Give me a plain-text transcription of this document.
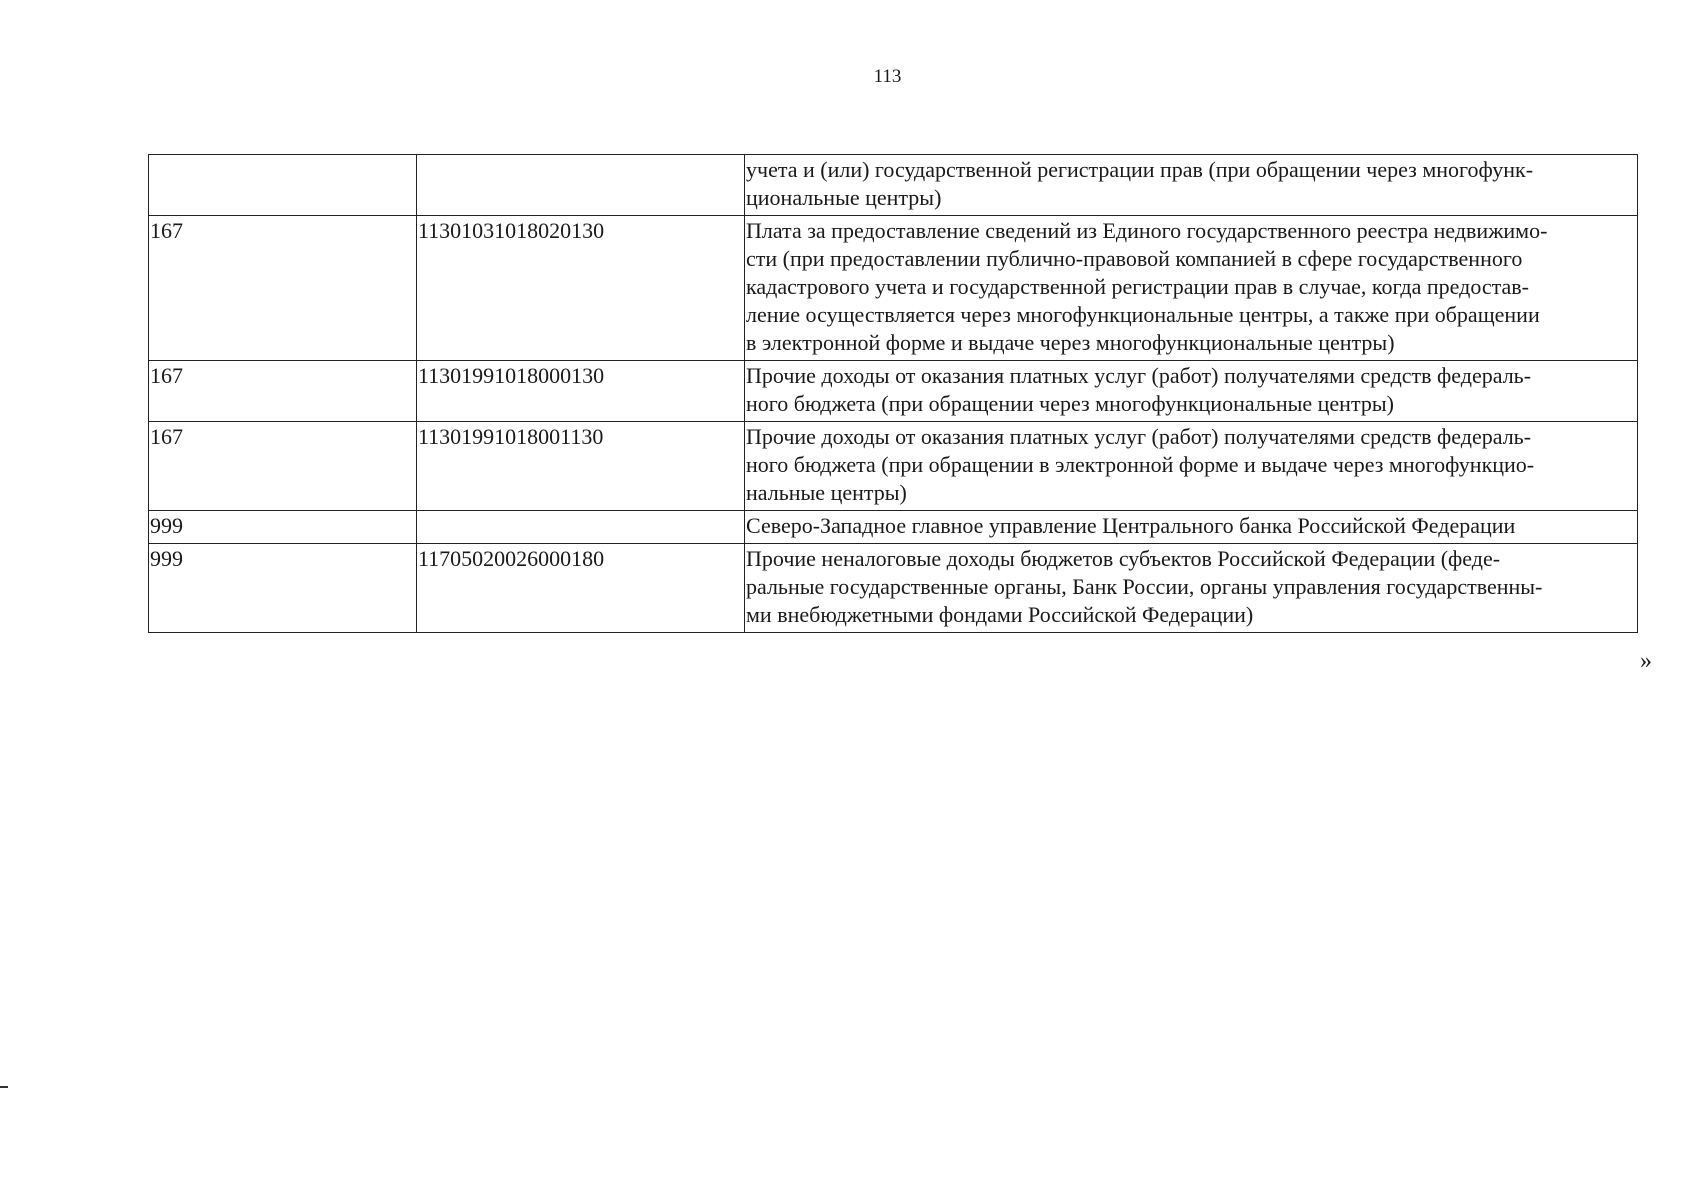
113
		учета и (или) государственной регистрации прав (при обращении через многофунк-
циональные центры)
167	11301031018020130	Плата за предоставление сведений из Единого государственного реестра недвижимо-
сти (при предоставлении публично-правовой компанией в сфере государственного
кадастрового учета и государственной регистрации прав в случае, когда предостав-
ление осуществляется через многофункциональные центры, а также при обращении
в электронной форме и выдаче через многофункциональные центры)
167	11301991018000130	Прочие доходы от оказания платных услуг (работ) получателями средств федераль-
ного бюджета (при обращении через многофункциональные центры)
167	11301991018001130	Прочие доходы от оказания платных услуг (работ) получателями средств федераль-
ного бюджета (при обращении в электронной форме и выдаче через многофункцио-
нальные центры)
999		Северо-Западное главное управление Центрального банка Российской Федерации
999	11705020026000180	Прочие неналоговые доходы бюджетов субъектов Российской Федерации (феде-
ральные государственные органы, Банк России, органы управления государственны-
ми внебюджетными фондами Российской Федерации)
»
